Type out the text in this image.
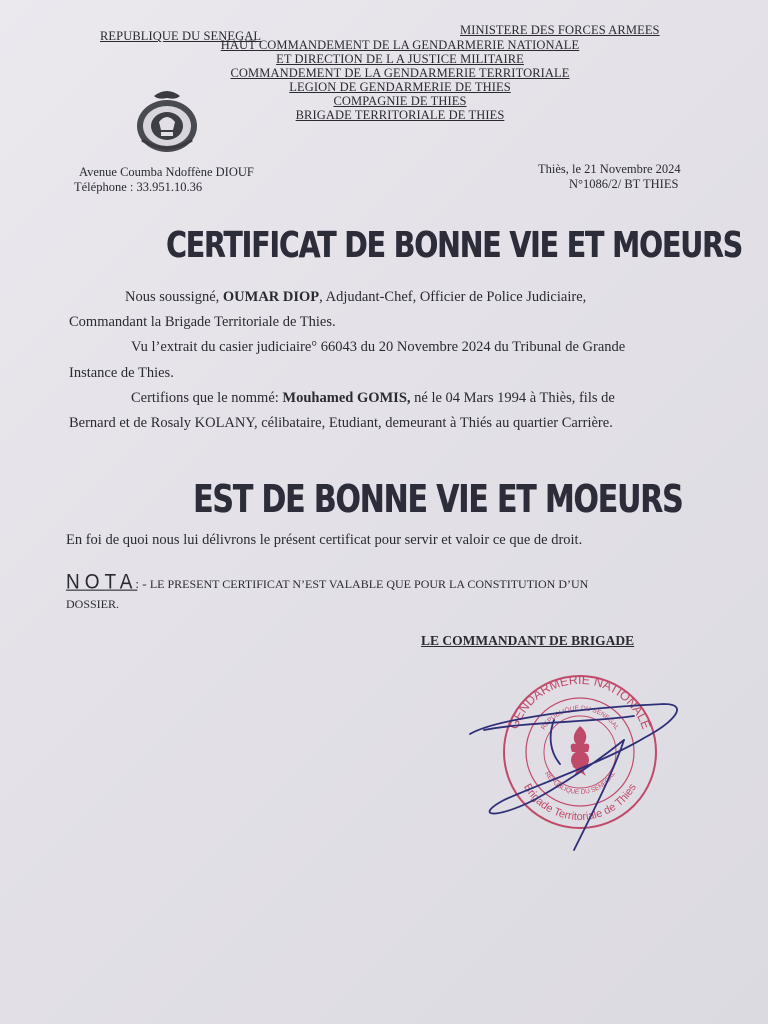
REPUBLIQUE DU SENEGAL	MINISTERE DES FORCES ARMEES
HAUT COMMANDEMENT DE LA GENDARMERIE NATIONALE
ET DIRECTION DE L A JUSTICE MILITAIRE
COMMANDEMENT DE LA GENDARMERIE TERRITORIALE
LEGION DE GENDARMERIE DE THIES
COMPAGNIE DE THIES
BRIGADE TERRITORIALE DE THIES
Avenue Coumba Ndoffène DIOUF
Téléphone : 33.951.10.36
Thiès, le 21 Novembre 2024
N°1086/2/ BT THIES
CERTIFICAT DE BONNE VIE ET MOEURS
Nous soussigné, OUMAR DIOP, Adjudant-Chef, Officier de Police Judiciaire,
Commandant la Brigade Territoriale de Thies.
Vu l’extrait du casier judiciaire° 66043 du 20 Novembre 2024 du Tribunal de Grande
Instance de Thies.
Certifions que le nommé: Mouhamed GOMIS, né le 04 Mars 1994 à Thiès, fils de
Bernard et de Rosaly KOLANY, célibataire, Etudiant, demeurant à Thiés au quartier Carrière.
EST DE BONNE VIE ET MOEURS
En foi de quoi nous lui délivrons le présent certificat pour servir et valoir ce que de droit.
NOTA: - LE PRESENT CERTIFICAT N’EST VALABLE QUE POUR LA CONSTITUTION D’UN
DOSSIER.
LE COMMANDANT DE BRIGADE
GENDARMERIE NATIONALE
Brigade Territoriale de Thies
REPUBLIQUE DU SENEGAL
REPUBLIQUE DU SENEGAL
